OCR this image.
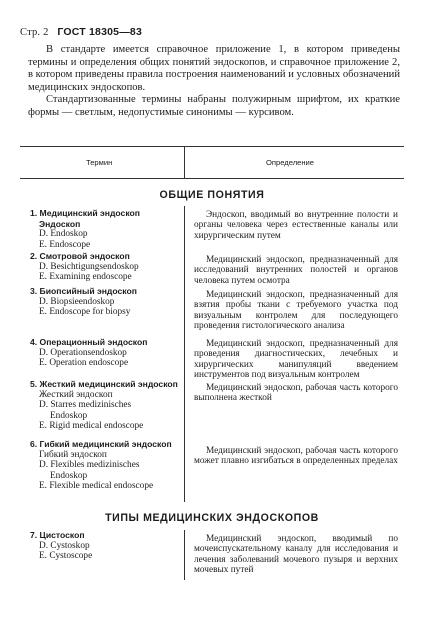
Стр. 2 ГОСТ 18305—83

В стандарте имеется справочное приложение 1, в котором приведены термины и определения общих понятий эндоскопов, и справочное приложение 2, в котором приведены правила построения наименований и условных обозначений медицинских эндоскопов.

Стандартизованные термины набраны полужирным шрифтом, их краткие формы — светлым, недопустимые синонимы — курсивом.

Термин	Определение
ОБЩИЕ ПОНЯТИЯ
ТИПЫ МЕДИЦИНСКИХ ЭНДОСКОПОВ
1. Медицинский эндоскоп
Эндоскоп
D. Endoskop
E. Endoscope

Эндоскоп, вводимый во внутренние полости и органы человека через естественные каналы или хирургическим путем

2. Смотровой эндоскоп
D. Besichtigungsendoskop
E. Examining endoscope

Медицинский эндоскоп, предназначенный для исследований внутренних полостей и органов человека путем осмотра

3. Биопсийный эндоскоп
D. Biopsieendoskop
E. Endoscope for biopsy

Медицинский эндоскоп, предназначенный для взятия пробы ткани с требуемого участка под визуальным контролем для последующего проведения гистологического анализа

4. Операционный эндоскоп
D. Operationsendoskop
E. Operation endoscope

Медицинский эндоскоп, предназначенный для проведения диагностических, лечебных и хирургических манипуляций введением инструментов под визуальным контролем

5. Жесткий медицинский эндоскоп
Жесткий эндоскоп
D. Starres medizinisches
Endoskop
E. Rigid medical endoscope

Медицинский эндоскоп, рабочая часть которого выполнена жесткой

6. Гибкий медицинский эндоскоп
Гибкий эндоскоп
D. Flexibles medizinisches
Endoskop
E. Flexible medical endoscope

Медицинский эндоскоп, рабочая часть которого может плавно изгибаться в определенных пределах

7. Цистоскоп
D. Cystoskop
E. Cystoscope

Медицинский эндоскоп, вводимый по мочеиспускательному каналу для исследования и лечения заболеваний мочевого пузыря и верхних мочевых путей
